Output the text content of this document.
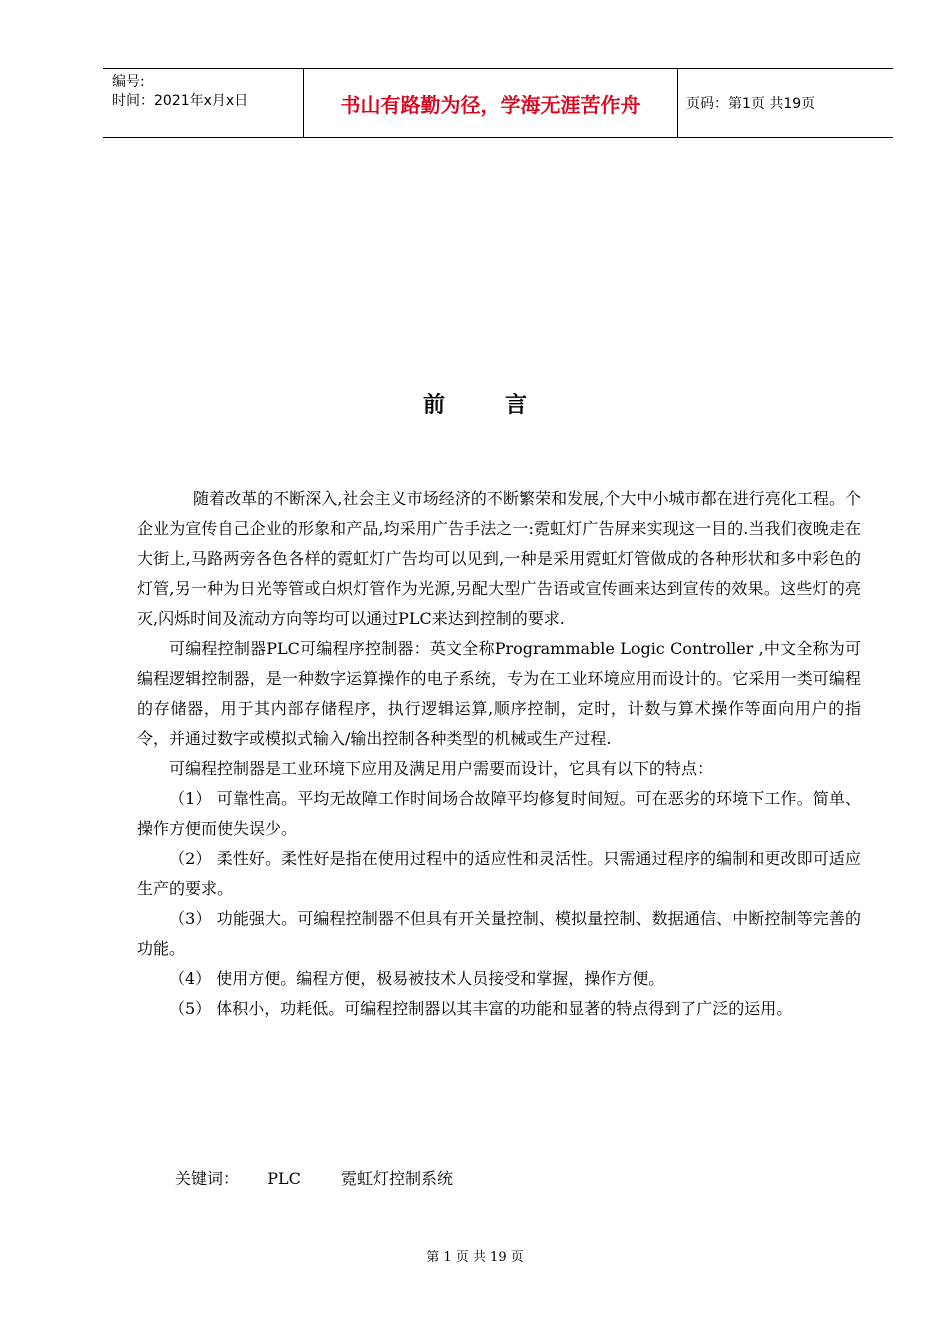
编号:
时间：2021年x月x日	书山有路勤为径，学海无涯苦作舟	页码：第1页 共19页
前言

随着改革的不断深入,社会主义市场经济的不断繁荣和发展,个大中小城市都在进行亮化工程。个企业为宣传自己企业的形象和产品,均采用广告手法之一:霓虹灯广告屏来实现这一目的.当我们夜晚走在大街上,马路两旁各色各样的霓虹灯广告均可以见到,一种是采用霓虹灯管做成的各种形状和多中彩色的灯管,另一种为日光等管或白炽灯管作为光源,另配大型广告语或宣传画来达到宣传的效果。这些灯的亮灭,闪烁时间及流动方向等均可以通过PLC来达到控制的要求.

可编程控制器PLC可编程序控制器：英文全称Programmable Logic Controller ,中文全称为可编程逻辑控制器，是一种数字运算操作的电子系统，专为在工业环境应用而设计的。它采用一类可编程的存储器，用于其内部存储程序，执行逻辑运算,顺序控制，定时，计数与算术操作等面向用户的指令，并通过数字或模拟式输入/输出控制各种类型的机械或生产过程.

可编程控制器是工业环境下应用及满足用户需要而设计，它具有以下的特点：

（1） 可靠性高。平均无故障工作时间场合故障平均修复时间短。可在恶劣的环境下工作。简单、操作方便而使失误少。

（2） 柔性好。柔性好是指在使用过程中的适应性和灵活性。只需通过程序的编制和更改即可适应生产的要求。

（3） 功能强大。可编程控制器不但具有开关量控制、模拟量控制、数据通信、中断控制等完善的功能。

（4） 使用方便。编程方便，极易被技术人员接受和掌握，操作方便。

（5） 体积小，功耗低。可编程控制器以其丰富的功能和显著的特点得到了广泛的运用。

关键词： PLC	霓虹灯控制系统
第 1 页 共 19 页
